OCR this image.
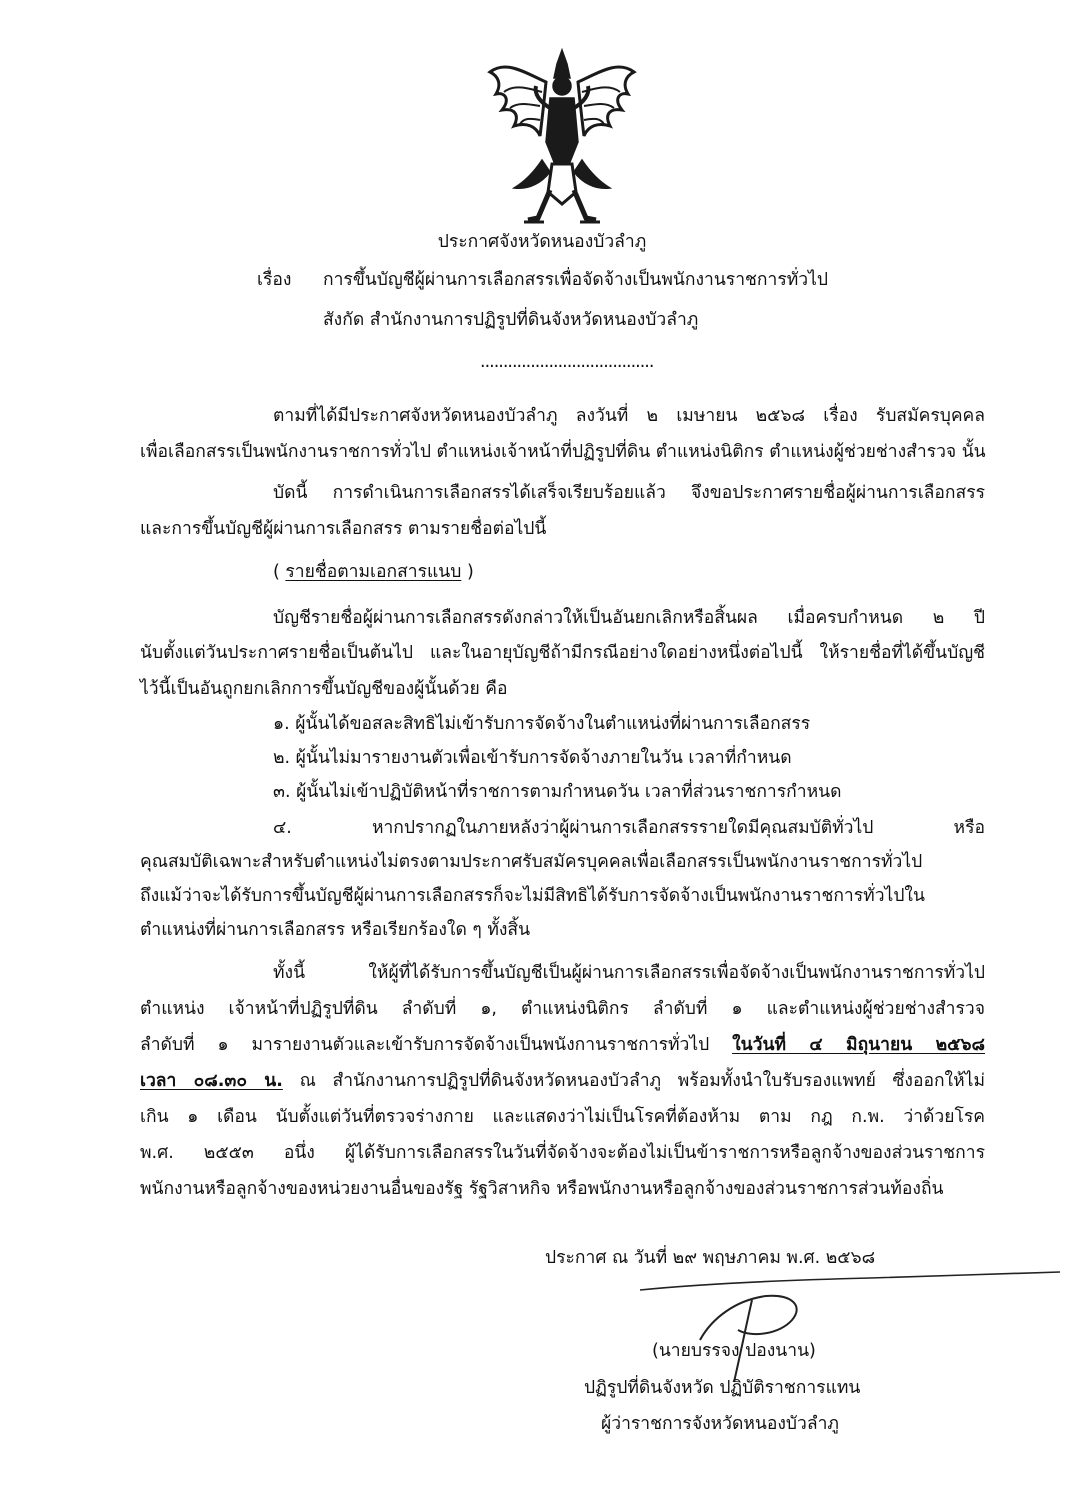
ประกาศจังหวัดหนองบัวลำภู
เรื่อง การขึ้นบัญชีผู้ผ่านการเลือกสรรเพื่อจัดจ้างเป็นพนักงานราชการทั่วไป
สังกัด สำนักงานการปฏิรูปที่ดินจังหวัดหนองบัวลำภู
......................................
ตามที่ได้มีประกาศจังหวัดหนองบัวลำภู ลงวันที่ ๒ เมษายน ๒๕๖๘ เรื่อง รับสมัครบุคคล
เพื่อเลือกสรรเป็นพนักงานราชการทั่วไป ตำแหน่งเจ้าหน้าที่ปฏิรูปที่ดิน ตำแหน่งนิติกร ตำแหน่งผู้ช่วยช่างสำรวจ นั้น
บัดนี้ การดำเนินการเลือกสรรได้เสร็จเรียบร้อยแล้ว จึงขอประกาศรายชื่อผู้ผ่านการเลือกสรร
และการขึ้นบัญชีผู้ผ่านการเลือกสรร ตามรายชื่อต่อไปนี้
( รายชื่อตามเอกสารแนบ )
บัญชีรายชื่อผู้ผ่านการเลือกสรรดังกล่าวให้เป็นอันยกเลิกหรือสิ้นผล เมื่อครบกำหนด ๒ ปี
นับตั้งแต่วันประกาศรายชื่อเป็นต้นไป และในอายุบัญชีถ้ามีกรณีอย่างใดอย่างหนึ่งต่อไปนี้ ให้รายชื่อที่ได้ขึ้นบัญชี
ไว้นี้เป็นอันถูกยกเลิกการขึ้นบัญชีของผู้นั้นด้วย คือ
๑. ผู้นั้นได้ขอสละสิทธิไม่เข้ารับการจัดจ้างในตำแหน่งที่ผ่านการเลือกสรร
๒. ผู้นั้นไม่มารายงานตัวเพื่อเข้ารับการจัดจ้างภายในวัน เวลาที่กำหนด
๓. ผู้นั้นไม่เข้าปฏิบัติหน้าที่ราชการตามกำหนดวัน เวลาที่ส่วนราชการกำหนด
๔. หากปรากฏในภายหลังว่าผู้ผ่านการเลือกสรรรายใดมีคุณสมบัติทั่วไป หรือ
คุณสมบัติเฉพาะสำหรับตำแหน่งไม่ตรงตามประกาศรับสมัครบุคคลเพื่อเลือกสรรเป็นพนักงานราชการทั่วไป
ถึงแม้ว่าจะได้รับการขึ้นบัญชีผู้ผ่านการเลือกสรรก็จะไม่มีสิทธิได้รับการจัดจ้างเป็นพนักงานราชการทั่วไปใน
ตำแหน่งที่ผ่านการเลือกสรร หรือเรียกร้องใด ๆ ทั้งสิ้น
ทั้งนี้ ให้ผู้ที่ได้รับการขึ้นบัญชีเป็นผู้ผ่านการเลือกสรรเพื่อจัดจ้างเป็นพนักงานราชการทั่วไป
ตำแหน่ง เจ้าหน้าที่ปฏิรูปที่ดิน ลำดับที่ ๑, ตำแหน่งนิติกร ลำดับที่ ๑ และตำแหน่งผู้ช่วยช่างสำรวจ
ลำดับที่ ๑ มารายงานตัวและเข้ารับการจัดจ้างเป็นพนังกานราชการทั่วไป ในวันที่ ๔ มิถุนายน ๒๕๖๘
เวลา ๐๘.๓๐ น. ณ สำนักงานการปฏิรูปที่ดินจังหวัดหนองบัวลำภู พร้อมทั้งนำใบรับรองแพทย์ ซึ่งออกให้ไม่
เกิน ๑ เดือน นับตั้งแต่วันที่ตรวจร่างกาย และแสดงว่าไม่เป็นโรคที่ต้องห้าม ตาม กฎ ก.พ. ว่าด้วยโรค
พ.ศ. ๒๕๕๓ อนึ่ง ผู้ได้รับการเลือกสรรในวันที่จัดจ้างจะต้องไม่เป็นข้าราชการหรือลูกจ้างของส่วนราชการ
พนักงานหรือลูกจ้างของหน่วยงานอื่นของรัฐ รัฐวิสาหกิจ หรือพนักงานหรือลูกจ้างของส่วนราชการส่วนท้องถิ่น
ประกาศ ณ วันที่ ๒๙ พฤษภาคม พ.ศ. ๒๕๖๘
(นายบรรจง ปองนาน)
ปฏิรูปที่ดินจังหวัด ปฏิบัติราชการแทน
ผู้ว่าราชการจังหวัดหนองบัวลำภู
